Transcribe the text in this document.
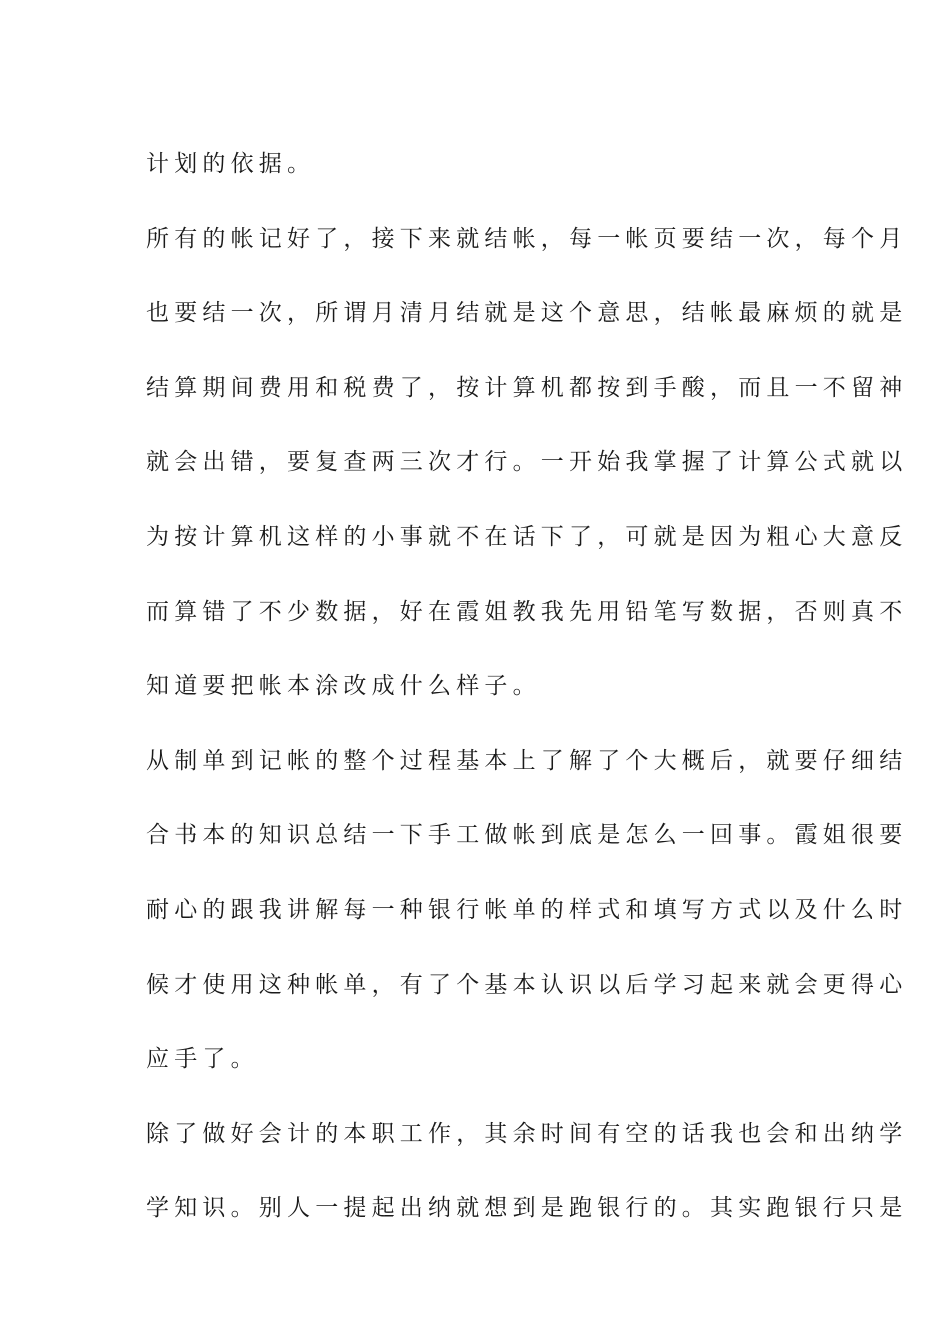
计划的依据。
所有的帐记好了，接下来就结帐，每一帐页要结一次，每个月
也要结一次，所谓月清月结就是这个意思，结帐最麻烦的就是
结算期间费用和税费了，按计算机都按到手酸，而且一不留神
就会出错，要复查两三次才行。一开始我掌握了计算公式就以
为按计算机这样的小事就不在话下了，可就是因为粗心大意反
而算错了不少数据，好在霞姐教我先用铅笔写数据，否则真不
知道要把帐本涂改成什么样子。
从制单到记帐的整个过程基本上了解了个大概后，就要仔细结
合书本的知识总结一下手工做帐到底是怎么一回事。霞姐很要
耐心的跟我讲解每一种银行帐单的样式和填写方式以及什么时
候才使用这种帐单，有了个基本认识以后学习起来就会更得心
应手了。
除了做好会计的本职工作，其余时间有空的话我也会和出纳学
学知识。别人一提起出纳就想到是跑银行的。其实跑银行只是
